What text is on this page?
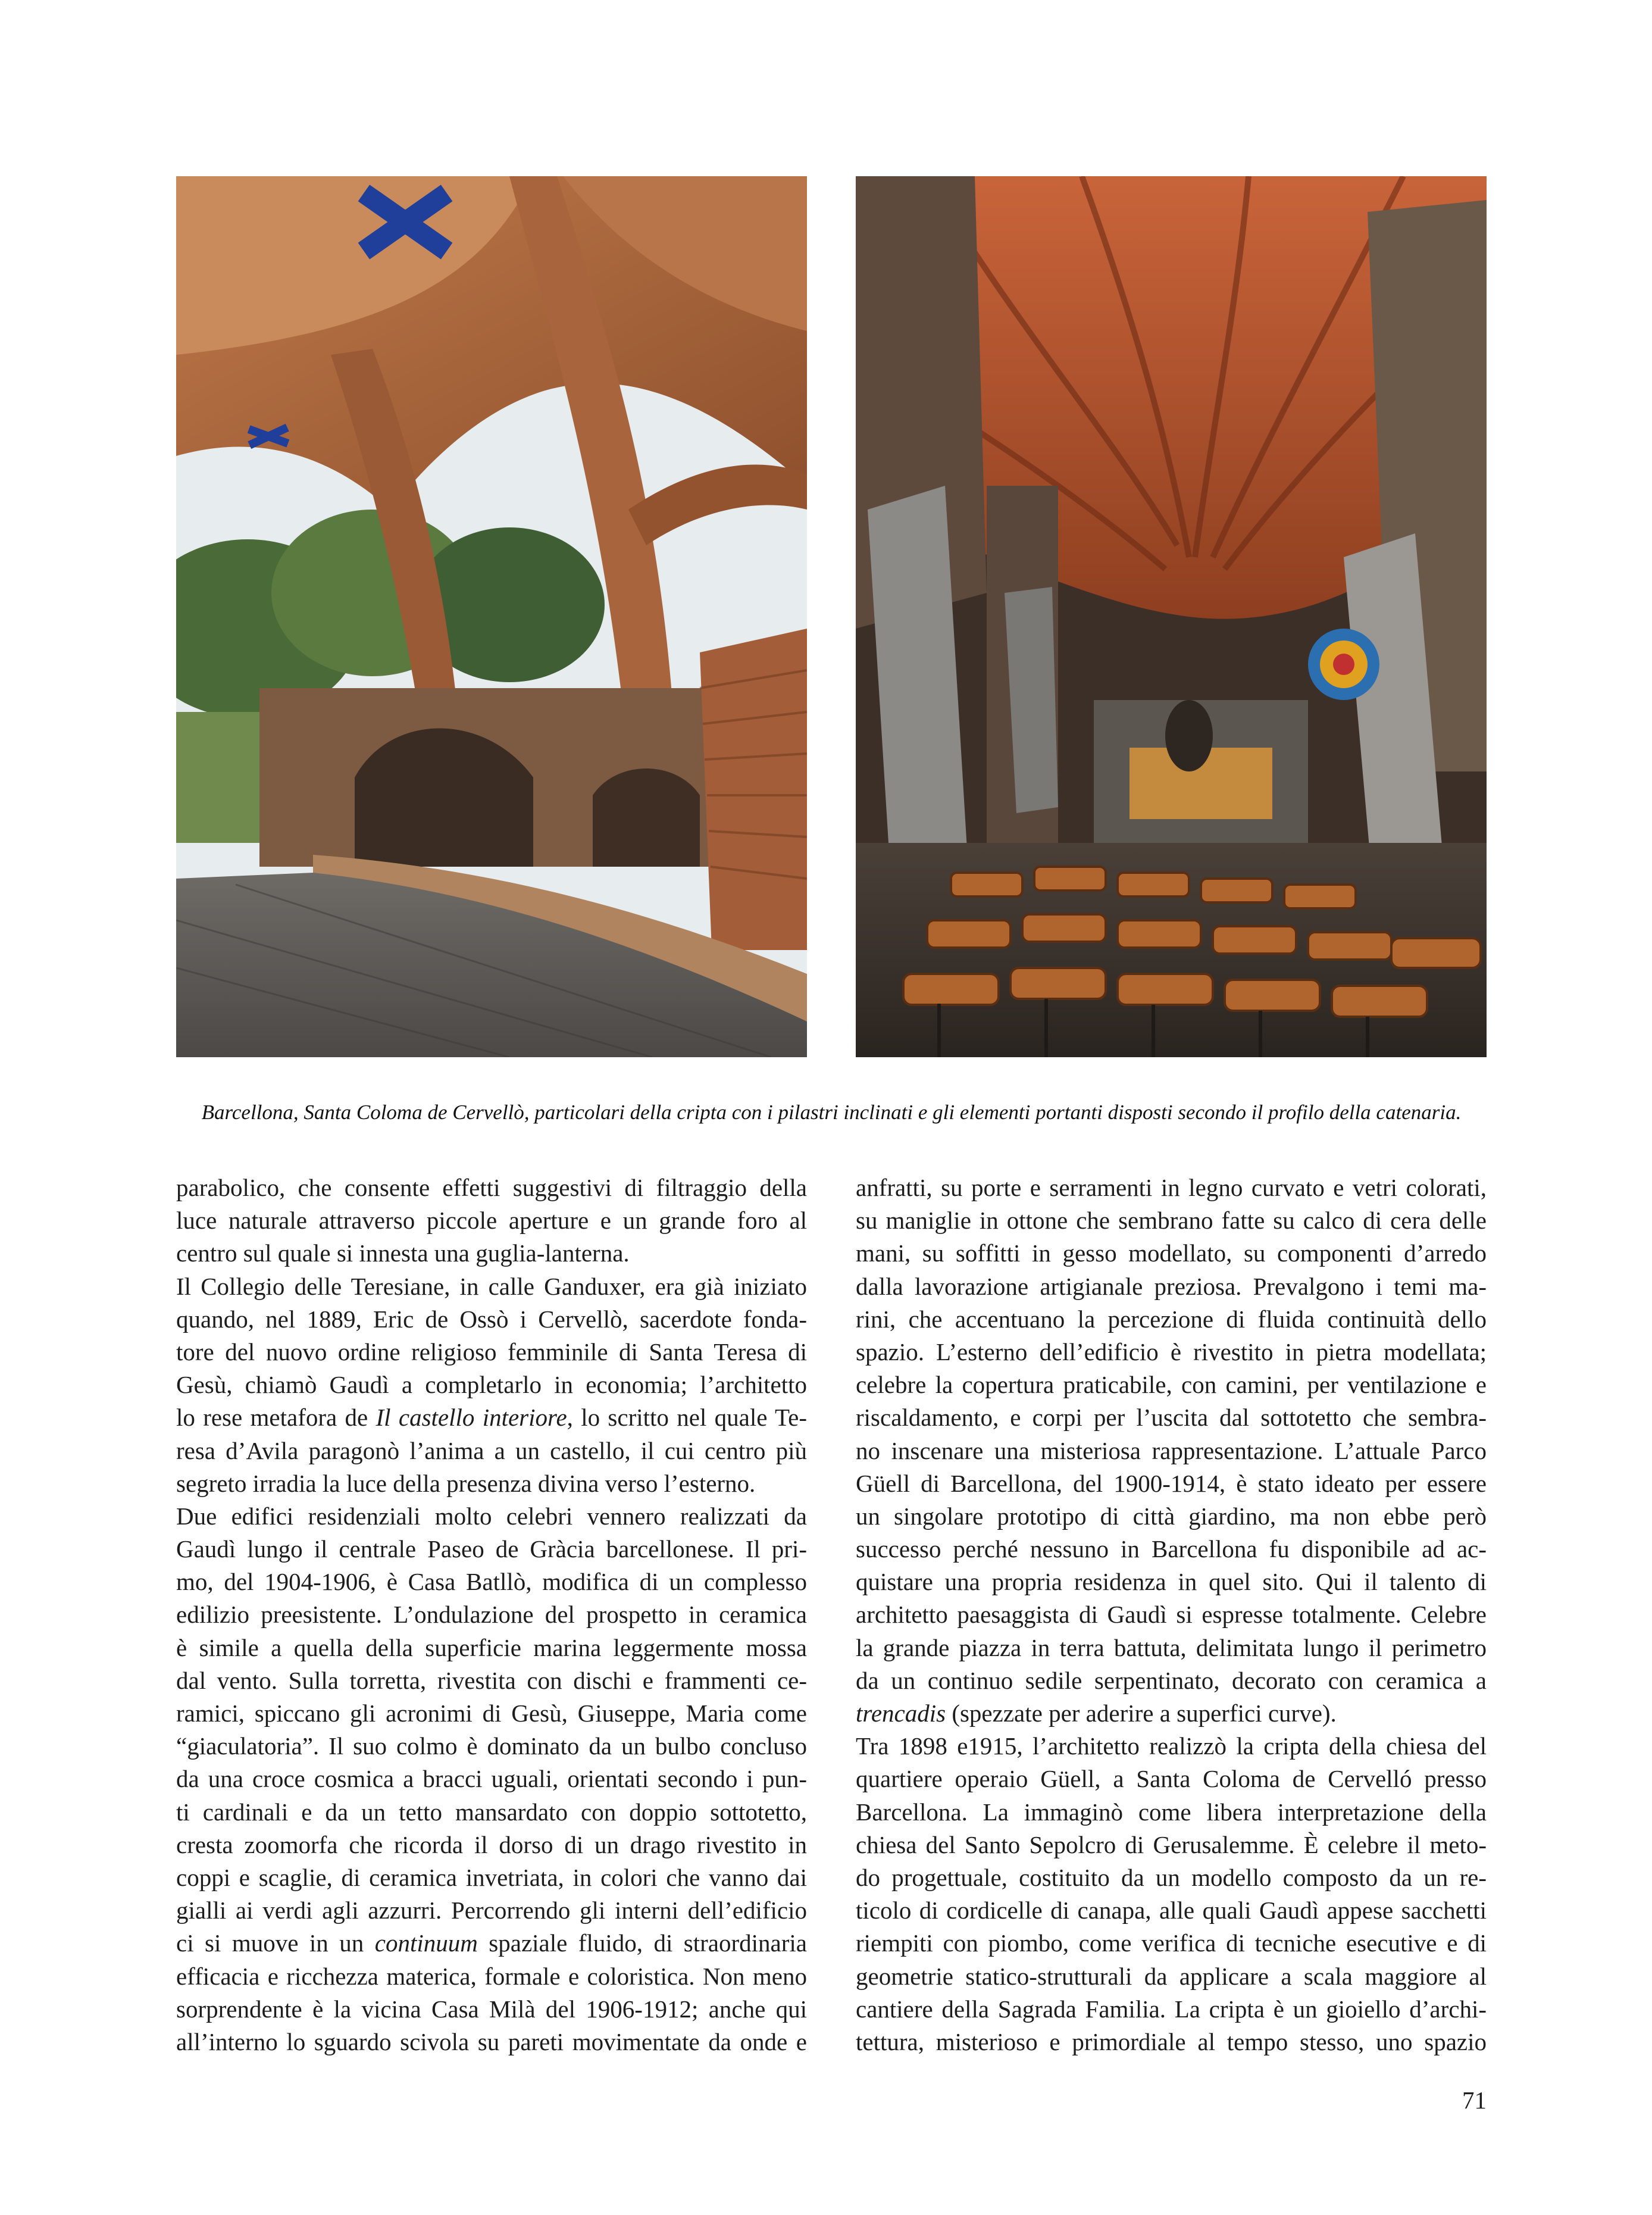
Barcellona, Santa Coloma de Cervellò, particolari della cripta con i pilastri inclinati e gli elementi portanti disposti secondo il profilo della catenaria.
parabolico, che consente effetti suggestivi di filtraggio della
luce naturale attraverso piccole aperture e un grande foro al
centro sul quale si innesta una guglia-lanterna.
Il Collegio delle Teresiane, in calle Ganduxer, era già iniziato
quando, nel 1889, Eric de Ossò i Cervellò, sacerdote fonda-
tore del nuovo ordine religioso femminile di Santa Teresa di
Gesù, chiamò Gaudì a completarlo in economia; l’architetto
lo rese metafora de Il castello interiore, lo scritto nel quale Te-
resa d’Avila paragonò l’anima a un castello, il cui centro più
segreto irradia la luce della presenza divina verso l’esterno.
Due edifici residenziali molto celebri vennero realizzati da
Gaudì lungo il centrale Paseo de Gràcia barcellonese. Il pri-
mo, del 1904-1906, è Casa Batllò, modifica di un complesso
edilizio preesistente. L’ondulazione del prospetto in ceramica
è simile a quella della superficie marina leggermente mossa
dal vento. Sulla torretta, rivestita con dischi e frammenti ce-
ramici, spiccano gli acronimi di Gesù, Giuseppe, Maria come
“giaculatoria”. Il suo colmo è dominato da un bulbo concluso
da una croce cosmica a bracci uguali, orientati secondo i pun-
ti cardinali e da un tetto mansardato con doppio sottotetto,
cresta zoomorfa che ricorda il dorso di un drago rivestito in
coppi e scaglie, di ceramica invetriata, in colori che vanno dai
gialli ai verdi agli azzurri. Percorrendo gli interni dell’edificio
ci si muove in un continuum spaziale fluido, di straordinaria
efficacia e ricchezza materica, formale e coloristica. Non meno
sorprendente è la vicina Casa Milà del 1906-1912; anche qui
all’interno lo sguardo scivola su pareti movimentate da onde e
anfratti, su porte e serramenti in legno curvato e vetri colorati,
su maniglie in ottone che sembrano fatte su calco di cera delle
mani, su soffitti in gesso modellato, su componenti d’arredo
dalla lavorazione artigianale preziosa. Prevalgono i temi ma-
rini, che accentuano la percezione di fluida continuità dello
spazio. L’esterno dell’edificio è rivestito in pietra modellata;
celebre la copertura praticabile, con camini, per ventilazione e
riscaldamento, e corpi per l’uscita dal sottotetto che sembra-
no inscenare una misteriosa rappresentazione. L’attuale Parco
Güell di Barcellona, del 1900-1914, è stato ideato per essere
un singolare prototipo di città giardino, ma non ebbe però
successo perché nessuno in Barcellona fu disponibile ad ac-
quistare una propria residenza in quel sito. Qui il talento di
architetto paesaggista di Gaudì si espresse totalmente. Celebre
la grande piazza in terra battuta, delimitata lungo il perimetro
da un continuo sedile serpentinato, decorato con ceramica a
trencadis (spezzate per aderire a superfici curve).
Tra 1898 e1915, l’architetto realizzò la cripta della chiesa del
quartiere operaio Güell, a Santa Coloma de Cervelló presso
Barcellona. La immaginò come libera interpretazione della
chiesa del Santo Sepolcro di Gerusalemme. È celebre il meto-
do progettuale, costituito da un modello composto da un re-
ticolo di cordicelle di canapa, alle quali Gaudì appese sacchetti
riempiti con piombo, come verifica di tecniche esecutive e di
geometrie statico-strutturali da applicare a scala maggiore al
cantiere della Sagrada Familia. La cripta è un gioiello d’archi-
tettura, misterioso e primordiale al tempo stesso, uno spazio
71
